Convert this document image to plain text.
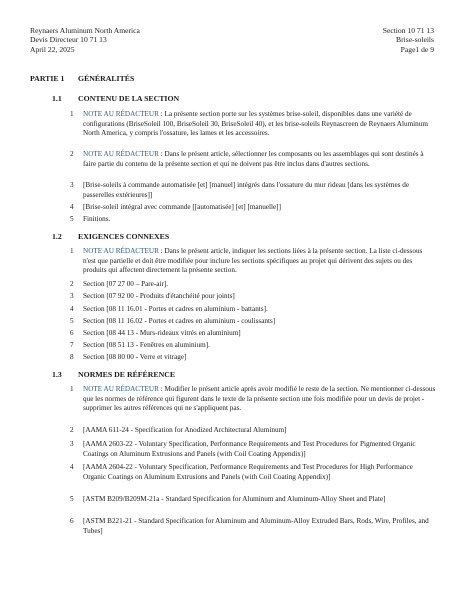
Reynaers Aluminum North America
Devis Directeur 10 71 13
April 22, 2025
Section 10 71 13
Brise-soleils
Page1 de 9
PARTIE 1 GÉNÉRALITÉS
1.1 CONTENU DE LA SECTION
1 NOTE AU RÉDACTEUR : La présente section porte sur les systèmes brise-soleil, disponibles dans une variété de configurations (BriseSoleil 100, BriseSoleil 30, BriseSoleil 40), et les brise-soleils Reynascreen de Reynaers Aluminum North America, y compris l'ossature, les lames et les accessoires.
2 NOTE AU RÉDACTEUR : Dans le présent article, sélectionner les composants ou les assemblages qui sont destinés à faire partie du contenu de la présente section et qui ne doivent pas être inclus dans d'autres sections.
3 [Brise-soleils à commande automatisée [et] [manuel] intégrés dans l'ossature du mur rideau [dans les systèmes de passerelles extérieures]]
4 [Brise-soleil intégral avec commande [[automatisée] [et] [manuelle]]
5 Finitions.
1.2 EXIGENCES CONNEXES
1 NOTE AU RÉDACTEUR : Dans le présent article, indiquer les sections liées à la présente section. La liste ci-dessous n'est que partielle et doit être modifiée pour inclure les sections spécifiques au projet qui dérivent des sujets ou des produits qui affectent directement la présente section.
2 Section [07 27 00 – Pare-air].
3 Section [07 92 00 - Produits d'étanchéité pour joints]
4 Section [08 11 16.01 - Portes et cadres en aluminium - battants].
5 Section [08 11 16.02 - Portes et cadres en aluminium - coulissants]
6 Section [08 44 13 - Murs-rideaux vitrés en aluminium]
7 Section [08 51 13 - Fenêtres en aluminium].
8 Section [08 80 00 - Verre et vitrage]
1.3 NORMES DE RÉFÉRENCE
1 NOTE AU RÉDACTEUR : Modifier le présent article après avoir modifié le reste de la section. Ne mentionner ci-dessous que les normes de référence qui figurent dans le texte de la présente section une fois modifiée pour un devis de projet - supprimer les autres références qui ne s'appliquent pas.
2 [AAMA 611-24 - Specification for Anodized Architectural Aluminum]
3 [AAMA 2603-22 - Voluntary Specification, Performance Requirements and Test Procedures for Pigmented Organic Coatings on Aluminum Extrusions and Panels (with Coil Coating Appendix)]
4 [AAMA 2604-22 - Voluntary Specification, Performance Requirements and Test Procedures for High Performance Organic Coatings on Aluminum Extrusions and Panels (with Coil Coating Appendix)]
5 [ASTM B209/B209M-21a - Standard Specification for Aluminum and Aluminum-Alloy Sheet and Plate]
6 [ASTM B221-21 - Standard Specification for Aluminum and Aluminum-Alloy Extruded Bars, Rods, Wire, Profiles, and Tubes]
